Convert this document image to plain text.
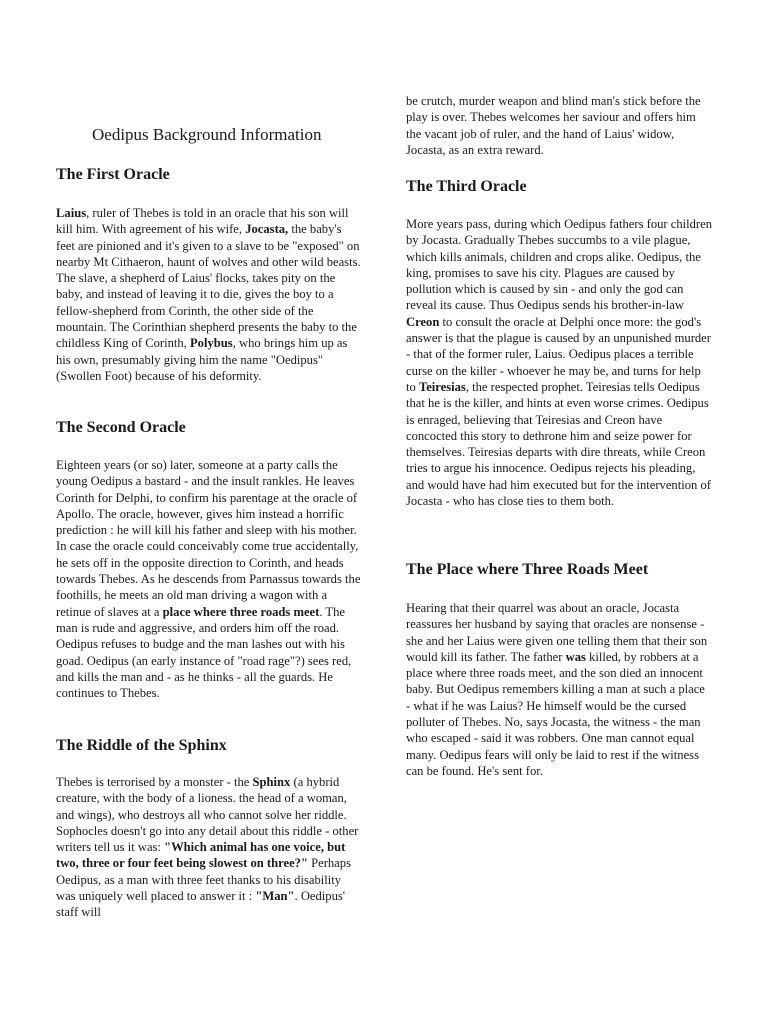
Oedipus Background Information
The First Oracle

Laius, ruler of Thebes is told in an oracle that his son will kill him. With agreement of his wife, Jocasta, the baby's feet are pinioned and it's given to a slave to be "exposed" on nearby Mt Cithaeron, haunt of wolves and other wild beasts. The slave, a shepherd of Laius' flocks, takes pity on the baby, and instead of leaving it to die, gives the boy to a fellow-shepherd from Corinth, the other side of the mountain. The Corinthian shepherd presents the baby to the childless King of Corinth, Polybus, who brings him up as his own, presumably giving him the name "Oedipus" (Swollen Foot) because of his deformity.

The Second Oracle

Eighteen years (or so) later, someone at a party calls the young Oedipus a bastard - and the insult rankles. He leaves Corinth for Delphi, to confirm his parentage at the oracle of Apollo. The oracle, however, gives him instead a horrific prediction : he will kill his father and sleep with his mother. In case the oracle could conceivably come true accidentally, he sets off in the opposite direction to Corinth, and heads towards Thebes. As he descends from Parnassus towards the foothills, he meets an old man driving a wagon with a retinue of slaves at a place where three roads meet. The man is rude and aggressive, and orders him off the road. Oedipus refuses to budge and the man lashes out with his goad. Oedipus (an early instance of "road rage"?) sees red, and kills the man and - as he thinks - all the guards. He continues to Thebes.

The Riddle of the Sphinx

Thebes is terrorised by a monster - the Sphinx (a hybrid creature, with the body of a lioness. the head of a woman, and wings), who destroys all who cannot solve her riddle. Sophocles doesn't go into any detail about this riddle - other writers tell us it was: "Which animal has one voice, but two, three or four feet being slowest on three?" Perhaps Oedipus, as a man with three feet thanks to his disability was uniquely well placed to answer it : "Man". Oedipus' staff will

be crutch, murder weapon and blind man's stick before the play is over. Thebes welcomes her saviour and offers him the vacant job of ruler, and the hand of Laius' widow, Jocasta, as an extra reward.

The Third Oracle

More years pass, during which Oedipus fathers four children by Jocasta. Gradually Thebes succumbs to a vile plague, which kills animals, children and crops alike. Oedipus, the king, promises to save his city. Plagues are caused by pollution which is caused by sin - and only the god can reveal its cause. Thus Oedipus sends his brother-in-law Creon to consult the oracle at Delphi once more: the god's answer is that the plague is caused by an unpunished murder - that of the former ruler, Laius. Oedipus places a terrible curse on the killer - whoever he may be, and turns for help to Teiresias, the respected prophet. Teiresias tells Oedipus that he is the killer, and hints at even worse crimes. Oedipus is enraged, believing that Teiresias and Creon have concocted this story to dethrone him and seize power for themselves. Teiresias departs with dire threats, while Creon tries to argue his innocence. Oedipus rejects his pleading, and would have had him executed but for the intervention of Jocasta - who has close ties to them both.

The Place where Three Roads Meet

Hearing that their quarrel was about an oracle, Jocasta reassures her husband by saying that oracles are nonsense - she and her Laius were given one telling them that their son would kill its father. The father was killed, by robbers at a place where three roads meet, and the son died an innocent baby. But Oedipus remembers killing a man at such a place - what if he was Laius? He himself would be the cursed polluter of Thebes. No, says Jocasta, the witness - the man who escaped - said it was robbers. One man cannot equal many. Oedipus fears will only be laid to rest if the witness can be found. He's sent for.
